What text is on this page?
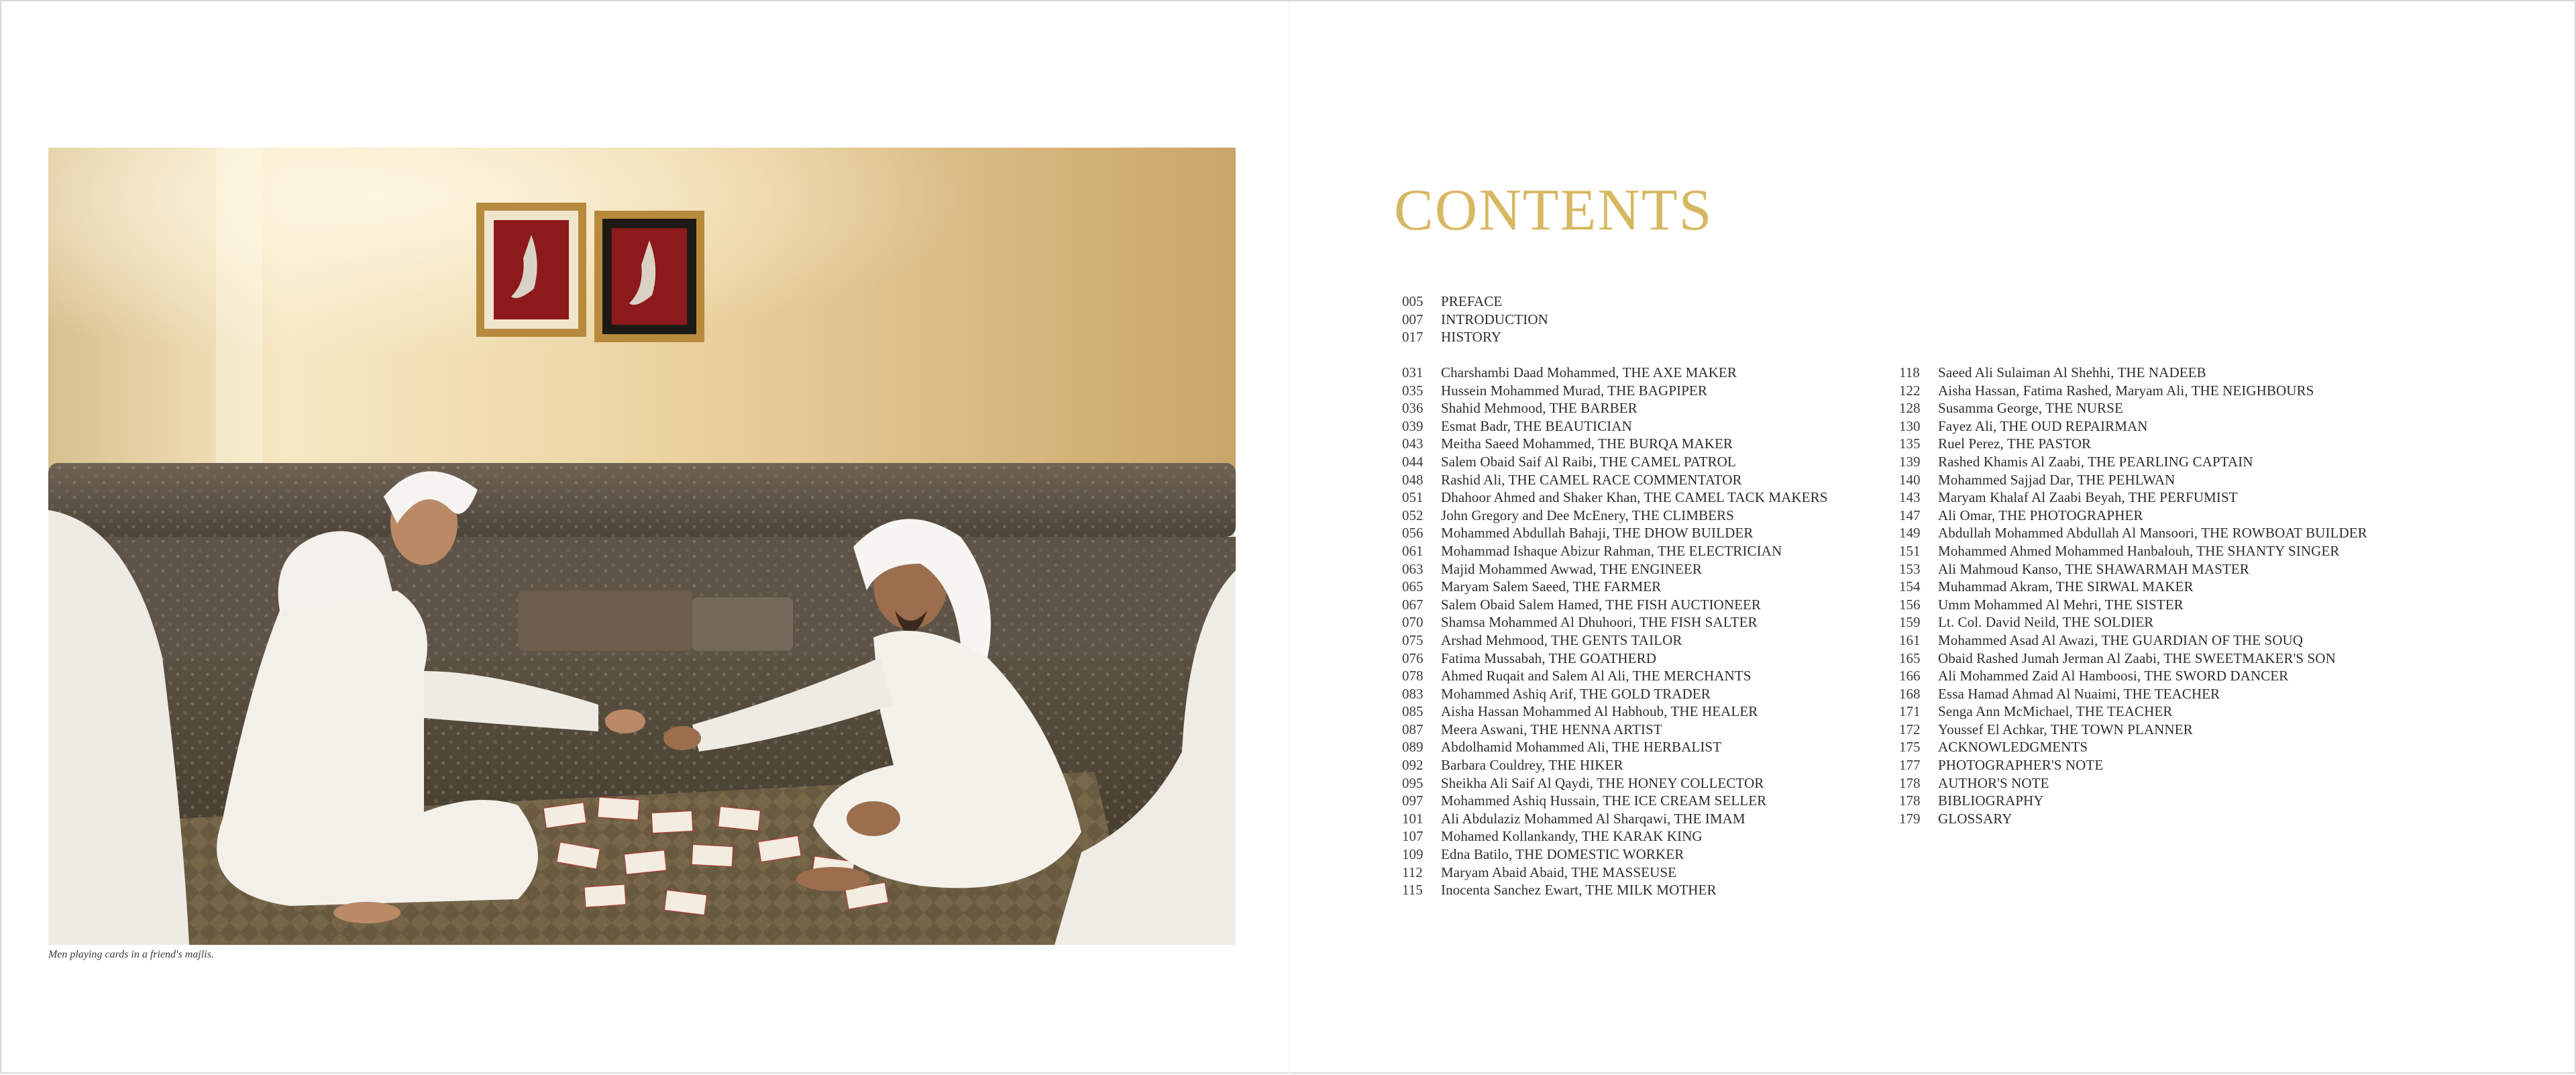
Men playing cards in a friend's majlis.
CONTENTS
005	PREFACE
007	INTRODUCTION
017	HISTORY
031	Charshambi Daad Mohammed, THE AXE MAKER
035	Hussein Mohammed Murad, THE BAGPIPER
036	Shahid Mehmood, THE BARBER
039	Esmat Badr, THE BEAUTICIAN
043	Meitha Saeed Mohammed, THE BURQA MAKER
044	Salem Obaid Saif Al Raibi, THE CAMEL PATROL
048	Rashid Ali, THE CAMEL RACE COMMENTATOR
051	Dhahoor Ahmed and Shaker Khan, THE CAMEL TACK MAKERS
052	John Gregory and Dee McEnery, THE CLIMBERS
056	Mohammed Abdullah Bahaji, THE DHOW BUILDER
061	Mohammad Ishaque Abizur Rahman, THE ELECTRICIAN
063	Majid Mohammed Awwad, THE ENGINEER
065	Maryam Salem Saeed, THE FARMER
067	Salem Obaid Salem Hamed, THE FISH AUCTIONEER
070	Shamsa Mohammed Al Dhuhoori, THE FISH SALTER
075	Arshad Mehmood, THE GENTS TAILOR
076	Fatima Mussabah, THE GOATHERD
078	Ahmed Ruqait and Salem Al Ali, THE MERCHANTS
083	Mohammed Ashiq Arif, THE GOLD TRADER
085	Aisha Hassan Mohammed Al Habhoub, THE HEALER
087	Meera Aswani, THE HENNA ARTIST
089	Abdolhamid Mohammed Ali, THE HERBALIST
092	Barbara Couldrey, THE HIKER
095	Sheikha Ali Saif Al Qaydi, THE HONEY COLLECTOR
097	Mohammed Ashiq Hussain, THE ICE CREAM SELLER
101	Ali Abdulaziz Mohammed Al Sharqawi, THE IMAM
107	Mohamed Kollankandy, THE KARAK KING
109	Edna Batilo, THE DOMESTIC WORKER
112	Maryam Abaid Abaid, THE MASSEUSE
115	Inocenta Sanchez Ewart, THE MILK MOTHER
118	Saeed Ali Sulaiman Al Shehhi, THE NADEEB
122	Aisha Hassan, Fatima Rashed, Maryam Ali, THE NEIGHBOURS
128	Susamma George, THE NURSE
130	Fayez Ali, THE OUD REPAIRMAN
135	Ruel Perez, THE PASTOR
139	Rashed Khamis Al Zaabi, THE PEARLING CAPTAIN
140	Mohammed Sajjad Dar, THE PEHLWAN
143	Maryam Khalaf Al Zaabi Beyah, THE PERFUMIST
147	Ali Omar, THE PHOTOGRAPHER
149	Abdullah Mohammed Abdullah Al Mansoori, THE ROWBOAT BUILDER
151	Mohammed Ahmed Mohammed Hanbalouh, THE SHANTY SINGER
153	Ali Mahmoud Kanso, THE SHAWARMAH MASTER
154	Muhammad Akram, THE SIRWAL MAKER
156	Umm Mohammed Al Mehri, THE SISTER
159	Lt. Col. David Neild, THE SOLDIER
161	Mohammed Asad Al Awazi, THE GUARDIAN OF THE SOUQ
165	Obaid Rashed Jumah Jerman Al Zaabi, THE SWEETMAKER'S SON
166	Ali Mohammed Zaid Al Hamboosi, THE SWORD DANCER
168	Essa Hamad Ahmad Al Nuaimi, THE TEACHER
171	Senga Ann McMichael, THE TEACHER
172	Youssef El Achkar, THE TOWN PLANNER
175	ACKNOWLEDGMENTS
177	PHOTOGRAPHER'S NOTE
178	AUTHOR'S NOTE
178	BIBLIOGRAPHY
179	GLOSSARY
